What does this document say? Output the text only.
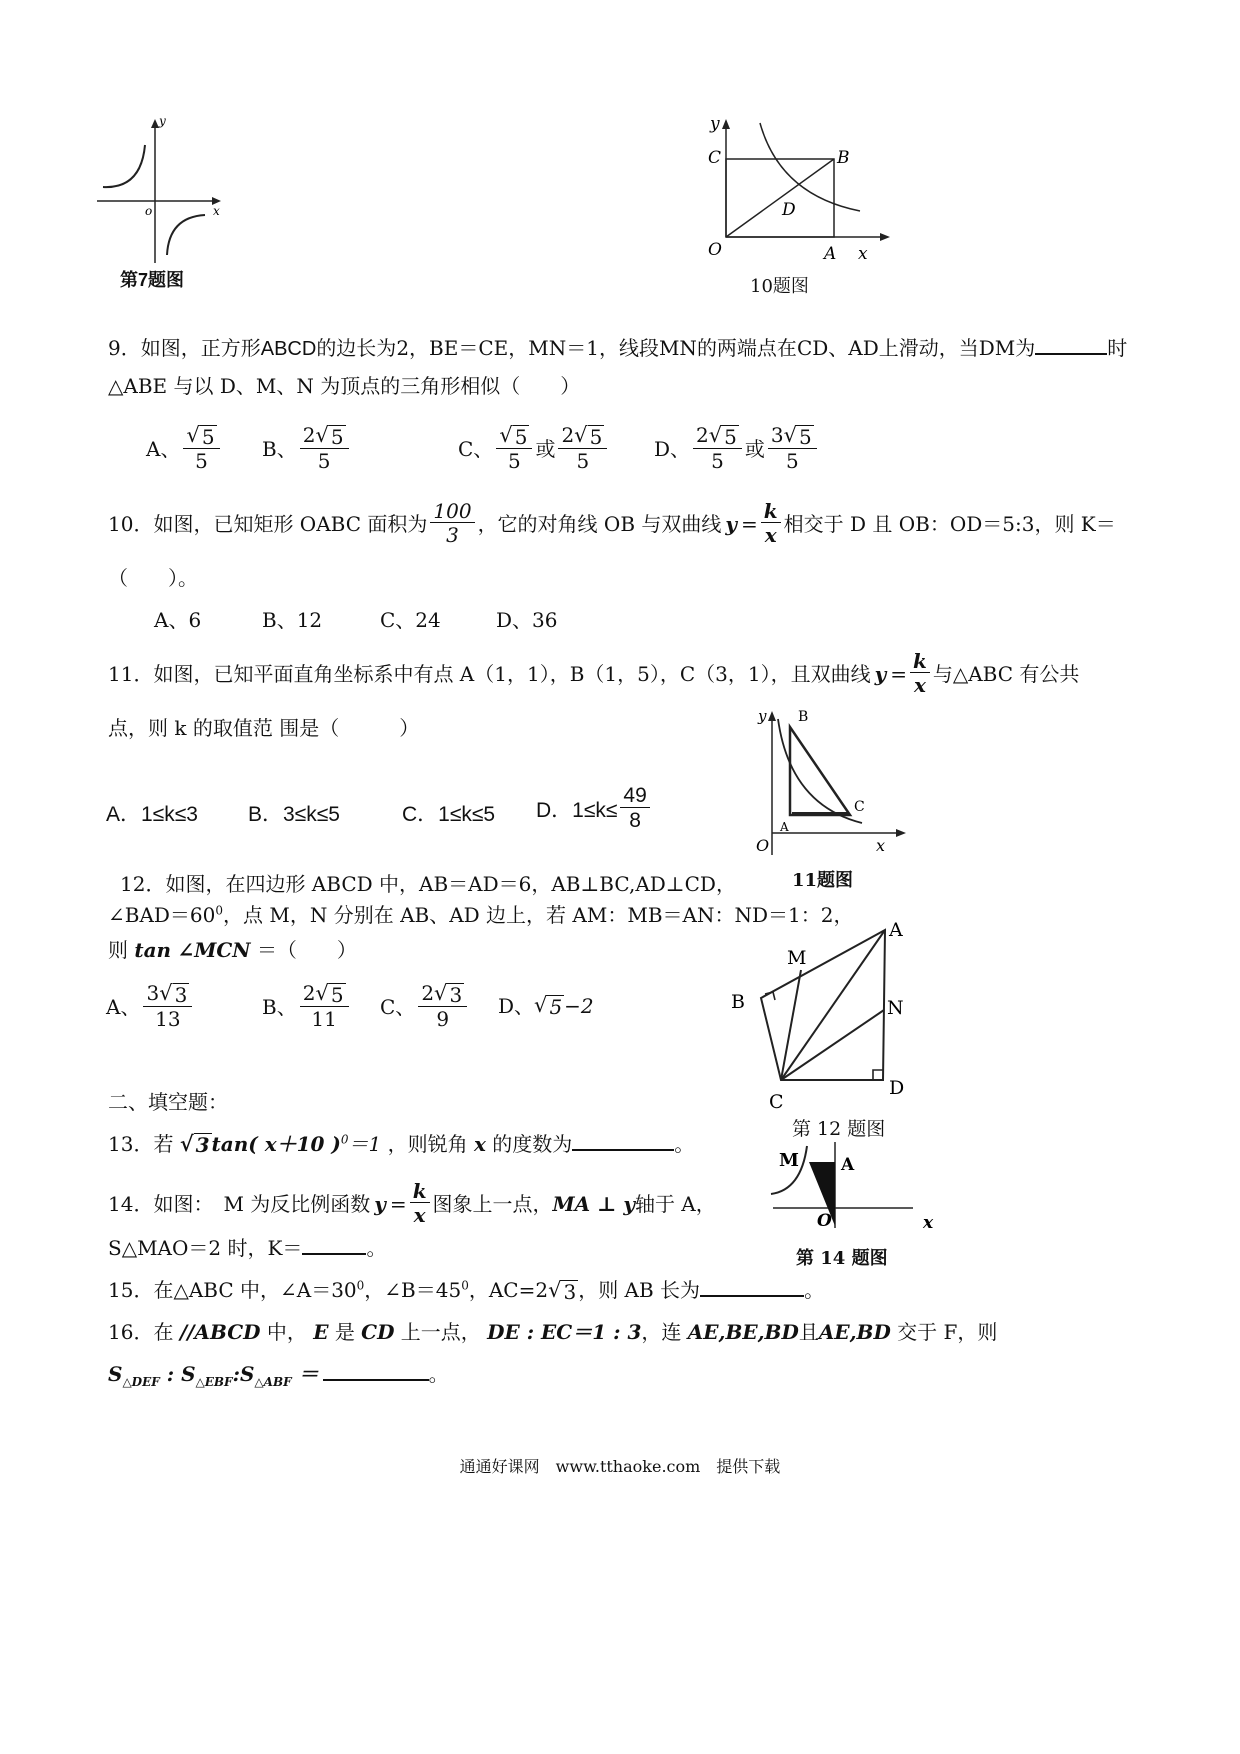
y
x
o
第7题图
y
C	B
D
O	A x
10题图
9．如图，正方形ABCD的边长为2，BE＝CE，MN＝1，线段MN的两端点在CD、AD上滑动，当DM为	时
△ABE 与以 D、M、N 为顶点的三角形相似（　　）
A、 $\frac{√ 5}{5}$ B、 $\frac{2 √ 5}{5}$	C、 $\frac{√ 5}{5}$ 或 $\frac{2 √ 5}{5}$ D、 $\frac{2 √ 5}{5}$ 或 $\frac{3 √ 5}{5}$
10．如图，已知矩形 OABC 面积为 $\frac{100}{3}$ ，它的对角线 OB 与双曲线 $y = \frac{k}{x}$ 相交于 D 且 OB：OD＝5:3，则 K＝
（　　）。
A、6	B、12	C、24	D、36
11．如图，已知平面直角坐标系中有点 A（1，1），B（1，5），C（3，1），且双曲线 $y = \frac{k}{x}$ 与△ABC 有公共
点，则 k 的取值范 围是（　　　）
A．1≤k≤3 B．3≤k≤5	C．1≤k≤5 D．$1\le k\le \frac{49}{8}$
y B
C
A
O	x
11题图
12．如图，在四边形 ABCD 中，AB＝AD＝6，AB⊥BC,AD⊥CD，
$\angle BAD=60^0$，点 M，N 分别在 AB、AD 边上，若 AM：MB＝AN：ND＝1：2，
则 tan ∠MCN ＝（　　）
A、 $\frac{3 √ 3}{13}$	B、 $\frac{2 √ 5}{11}$ C、 $\frac{2 √ 3}{9}$ D、 √ 5 −2
A
M
B	N
C
D
第 12 题图
二、填空题：
13．若 √ 3 tan( x＋10 )$^0$＝1 ，则锐角 x 的度数为	。
M A
O	x
第 14 题图
14．如图：　M 为反比例函数 $y = \frac{k}{x}$ 图象上一点， MA ⊥ y 轴于 A，
S△MAO＝2 时，K＝	。
15．在△ABC 中，$\angle A=30^0$，$\angle B=45^0$，AC=2 √ 3 ，则 AB 长为	。
16．在 //ABCD 中， E 是 CD 上一点， DE : EC＝1 : 3，连 AE,BE,BD且AE,BD 交于 F，则
$S_{\triangle DEF}$ : $S_{\triangle EBF}:S_{\triangle ABF}$ ＝	。
通通好课网　www.tthaoke.com　提供下载
